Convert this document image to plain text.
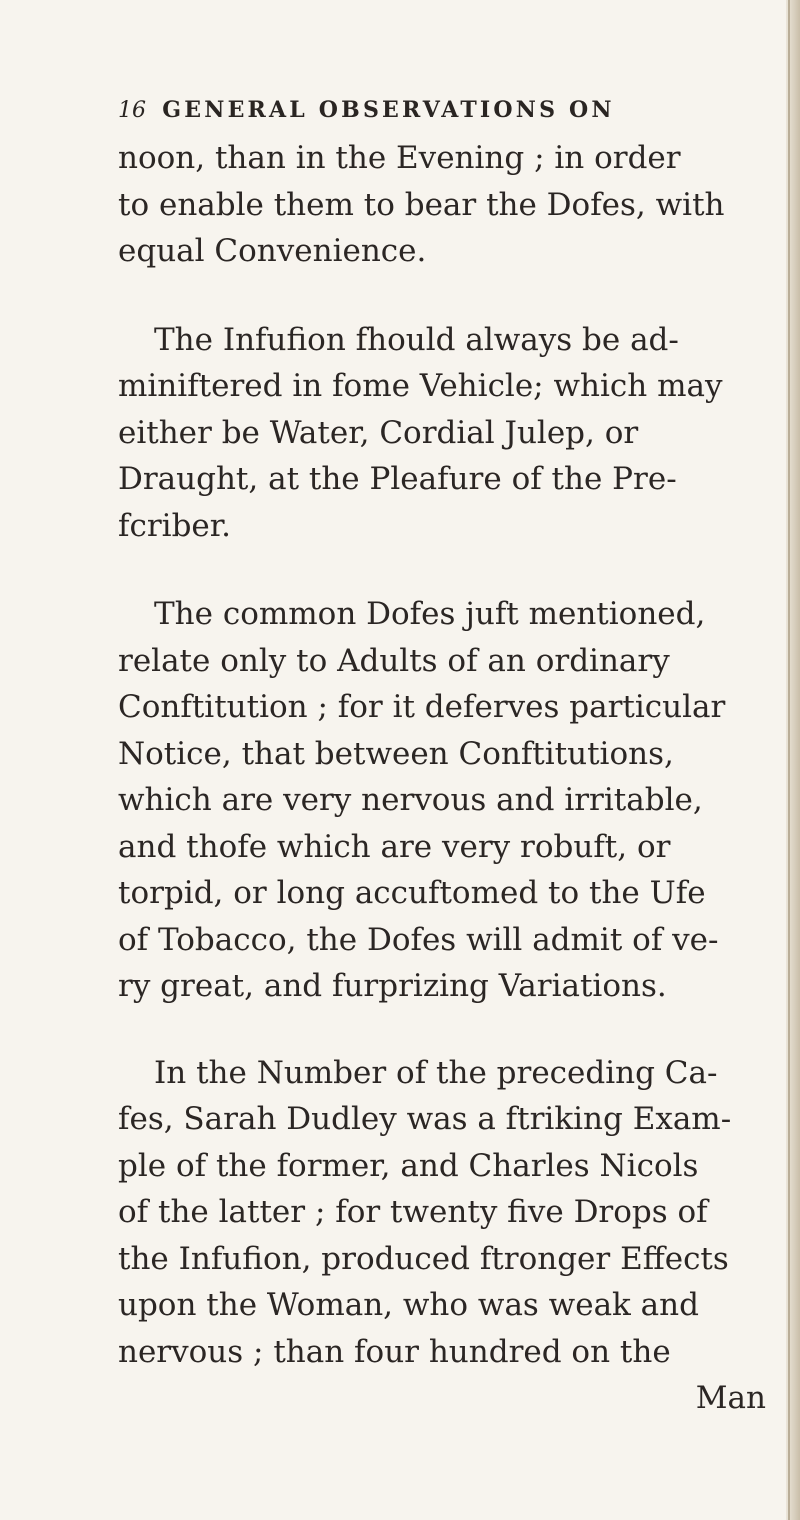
16 GENERAL OBSERVATIONS ON

noon, than in the Evening ; in order
to enable them to bear the Dofes, with
equal Convenience.

The Infufion fhould always be ad-
miniftered in fome Vehicle; which may
either be Water, Cordial Julep, or
Draught, at the Pleafure of the Pre-
fcriber.

The common Dofes juft mentioned,
relate only to Adults of an ordinary
Conftitution ; for it deferves particular
Notice, that between Conftitutions,
which are very nervous and irritable,
and thofe which are very robuft, or
torpid, or long accuftomed to the Ufe
of Tobacco, the Dofes will admit of ve-
ry great, and furprizing Variations.

In the Number of the preceding Ca-
fes, Sarah Dudley was a ftriking Exam-
ple of the former, and Charles Nicols
of the latter ; for twenty five Drops of
the Infufion, produced ftronger Effects
upon the Woman, who was weak and
nervous ; than four hundred on the

Man
